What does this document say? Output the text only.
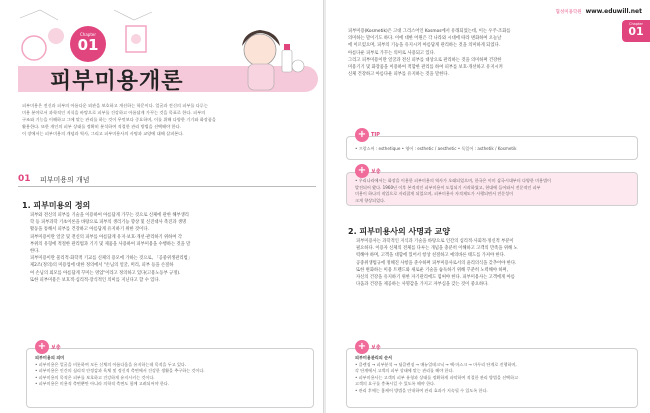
Chapter
01
피부미용개론
피부미용은 전신과 피부의 아름다운 외관을 보호하고 개선하는 학문이다. 얼굴과 전신의 피부를 다루는
미용 분야로서 과학적인 지식을 바탕으로 피부를 건강하고 아름답게 가꾸는 것을 목표로 한다. 피부의
구조와 기능을 이해하고 그에 맞는 관리를 하는 것이 무엇보다 중요하며, 이를 위해 다양한 기기와 화장품을
활용한다. 또한 개인의 피부 상태를 정확히 분석하여 적절한 관리 방법을 선택해야 한다.
이 장에서는 피부미용의 개념과 역사, 그리고 피부미용사의 사명과 교양에 대해 살펴본다.
01 피부미용의 개념
1. 피부미용의 정의
피부와 전신의 피부를 기술을 이용하여 아름답게 가꾸는 것으로 신체에 관한 해부생리
학 등 피부과학 기초이론을 바탕으로 피부의 생리기능 향상 및 신진대사 촉진과 생명
활동을 통해서 피부를 건강하고 아름답게 유지하기 위한 것이다.
피부미용이란 얼굴 및 전신의 피부를 아름답게 유지·보호·개선·관리하기 위하여 각
부위의 유형에 적절한 관리법과 기기 및 제품을 사용하여 피부미용을 수행하는 것을 말
한다.
피부미용이란 물리적·화학적 기교를 신체의 용모에 가하는 것으로, 「공중위생관리법」
제2조(정의)의 미용업에 대한 정의에서 "손님의 얼굴, 머리, 피부 등을 손질하
여 손님의 외모를 아름답게 꾸미는 영업"이라고 정의하고 있다(고용노동부 규정).
또한 피부미용은 보호적·심리적·장식적인 의미를 지닌다고 할 수 있다.
+ 보충
피부미용의 의미
• 피부미용은 얼굴을 비롯하여 모든 신체의 아름다움을 유지하는데 목적을 두고 있다.
• 피부미용은 인간의 심리적 안정감과 육체 및 정신적 측면에서 건강한 생활을 추구하는 것이다.
• 피부미용의 목적은 피부를 보호하고 건강하게 유지시키는 것이다.
• 피부미용은 미용적 측면뿐만 아니라 의학적 측면도 함께 고려되어야 한다.
협성미용학원 www.eduwill.net
Chapter
01
피부미용(Kosmetik)은 고대 그리스어인 Kosmos에서 유래되었는데, 이는 우주·조화를
의미하는 말이기도 하다. 이에 대한 어원은 각 나라와 시대에 따라 변화하여 오늘날
에 이르렀으며, 피부의 기능을 유지시켜 아름답게 관리하는 것을 의미하게 되었다.
아름다운 피부로 가꾸는 의미로 사용되고 있다.
그리고 피부미용이란 얼굴과 전신 피부를 대상으로 관리하는 것을 의미하며 건강한
미용기기 및 화장품을 이용하여 적합한 관리를 하여 피부를 보호·개선하고 유지시켜
신체 건강하고 아름다운 피부를 유지하는 것을 말한다.
+ TIP
• 프랑스어 : esthetique • 영어 : esthetic / aesthetic • 독일어 : asthetik / Kosmetik
+ 보충
• 우리나라에서는 화장을 이용한 피부미용의 역사가 오래되었으며, 한국은 이미 삼국시대부터 다양한 미용법이
발전되어 왔다. 1960년 이후 본격적인 피부미용이 도입되기 시작하였고, 현대에 들어와서 전문적인 피부
미용이 하나의 직업으로 자리잡게 되었으며, 피부미용사 자격제도가 시행되면서 전문성이
크게 향상되었다.
2. 피부미용사의 사명과 교양
피부미용사는 과학적인 지식과 기술을 바탕으로 인간의 심리적·사회적·정신적 부분이
필요하다. 이용자 신체의 전체를 다루는 개념을 충분히 이해하고 고객의 만족을 위해 노
력해야 하며, 고객을 대함에 있어서 항상 친절하고 예의바른 태도를 가져야 한다.
공중위생법규에 정해진 사항을 준수하며 피부미용사로서의 윤리의식을 갖추어야 한다.
또한 변화하는 미용 트렌드와 새로운 기술을 습득하기 위해 꾸준히 노력해야 하며,
자신의 건강을 유지하기 위한 자기관리에도 힘써야 한다. 피부미용사는 고객에게 아름
다움과 건강을 제공하는 사명감을 가지고 자부심을 갖는 것이 중요하다.
+ 보충
피부미용관리의 순서
• 클렌징 → 피부분석 → 딥클렌징 → 매뉴얼테크닉 → 팩·마스크 → 마무리 단계로 진행하며,
각 단계에서 고객의 피부 상태에 맞는 관리를 해야 한다.
• 피부미용사는 고객의 피부 유형과 상태를 정확하게 파악하여 적절한 관리 방법을 선택하고
고객의 요구를 충족시킬 수 있도록 해야 한다.
• 관리 후에는 홈케어 방법을 안내하여 관리 효과가 지속될 수 있도록 한다.
